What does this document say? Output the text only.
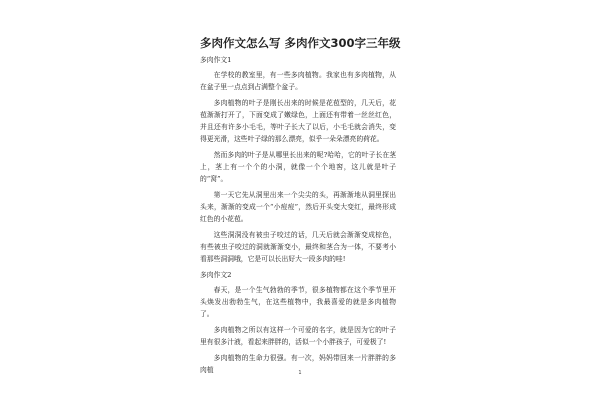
多肉作文怎么写 多肉作文300字三年级
多肉作文1

在学校的教室里，有一些多肉植物。我家也有多肉植物，从在盆子里一点点到占满整个盆子。

多肉植物的叶子是刚长出来的时候是花苞型的，几天后，花苞渐渐打开了，下面变成了嫩绿色，上面还有带着一丝丝红色，并且还有许多小毛毛，等叶子长大了以后，小毛毛就会消失，变得更光滑，这些叶子绿的那么漂亮，似乎一朵朵漂亮的荷花。

然而多肉的叶子是从哪里长出来的呢?哈哈，它的叶子长在茎上，茎上有一个个的小洞，就像一个个地窖，这儿就是叶子的“窝”。

第一天它先从洞里出来一个尖尖的头，再渐渐地从洞里探出头来，渐渐的变成一个“小痘痘”，然后开头变大变红，最终形成红色的小花苞。

这些洞洞没有被虫子咬过的话，几天后就会渐渐变成棕色，有些被虫子咬过的洞就渐渐变小，最终和茎合为一体，不要考小看那些洞洞哦，它是可以长出好大一段多肉的哇!

多肉作文2

春天，是一个生气勃勃的季节，很多植物都在这个季节里开头焕发出勃勃生气，在这些植物中，我最喜爱的就是多肉植物了。

多肉植物之所以有这样一个可爱的名字，就是因为它的叶子里有很多汁液，看起来胖胖的，活似一个小胖孩子，可爱极了!

多肉植物的生命力很强。有一次，妈妈带回来一片胖胖的多肉植	1
